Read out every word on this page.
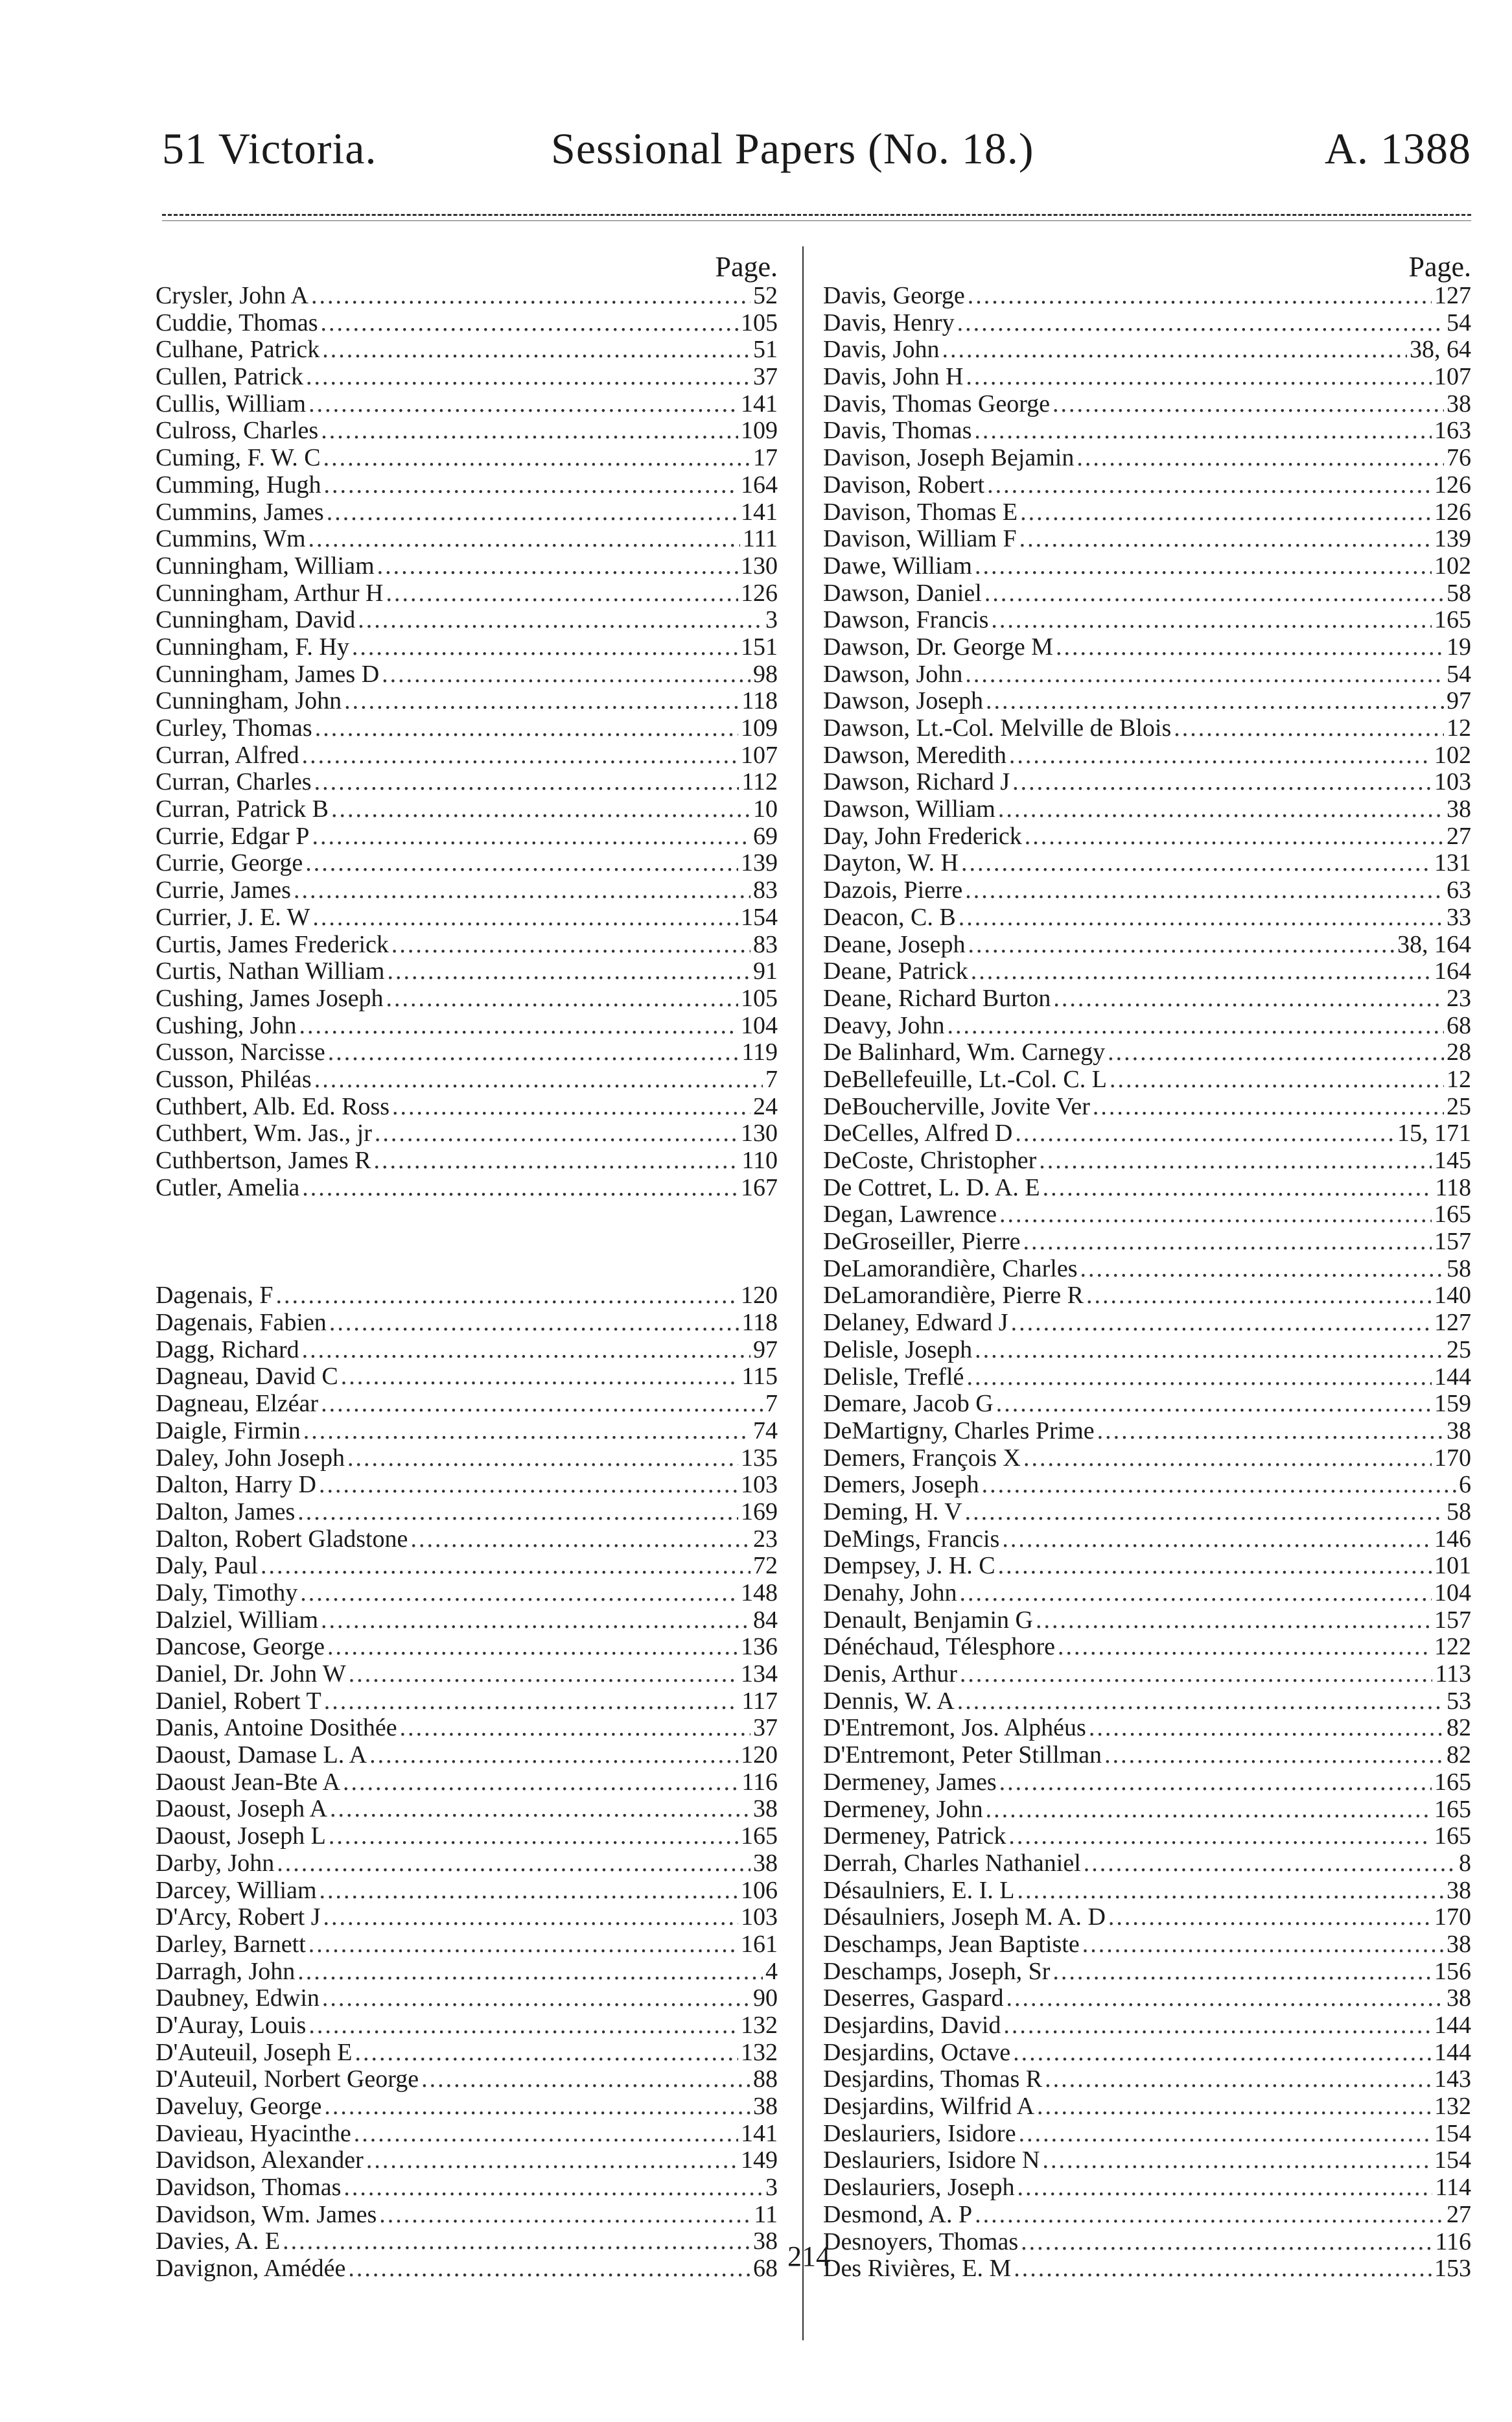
51 Victoria.	Sessional Papers (No. 18.)	A. 1388
Page.
Crysler, John A .....	52
Cuddie, Thomas .....	105
Culhane, Patrick .....	51
Cullen, Patrick .....	37
Cullis, William .....	141
Culross, Charles .....	109
Cuming, F. W. C .....	17
Cumming, Hugh .....	164
Cummins, James .....	141
Cummins, Wm .....	111
Cunningham, William .....	130
Cunningham, Arthur H .....	126
Cunningham, David .....	3
Cunningham, F. Hy .....	151
Cunningham, James D .....	98
Cunningham, John .....	118
Curley, Thomas .....	109
Curran, Alfred .....	107
Curran, Charles .....	112
Curran, Patrick B .....	10
Currie, Edgar P .....	69
Currie, George .....	139
Currie, James .....	83
Currier, J. E. W .....	154
Curtis, James Frederick .....	83
Curtis, Nathan William .....	91
Cushing, James Joseph .....	105
Cushing, John .....	104
Cusson, Narcisse .....	119
Cusson, Philéas .....	7
Cuthbert, Alb. Ed. Ross .....	24
Cuthbert, Wm. Jas., jr .....	130
Cuthbertson, James R .....	110
Cutler, Amelia .....	167
Dagenais, F .....	120
Dagenais, Fabien .....	118
Dagg, Richard .....	97
Dagneau, David C .....	115
Dagneau, Elzéar .....	7
Daigle, Firmin .....	74
Daley, John Joseph .....	135
Dalton, Harry D .....	103
Dalton, James .....	169
Dalton, Robert Gladstone .....	23
Daly, Paul .....	72
Daly, Timothy .....	148
Dalziel, William .....	84
Dancose, George .....	136
Daniel, Dr. John W .....	134
Daniel, Robert T .....	117
Danis, Antoine Dosithée .....	37
Daoust, Damase L. A .....	120
Daoust Jean-Bte A .....	116
Daoust, Joseph A .....	38
Daoust, Joseph L .....	165
Darby, John .....	38
Darcey, William .....	106
D'Arcy, Robert J .....	103
Darley, Barnett .....	161
Darragh, John .....	4
Daubney, Edwin .....	90
D'Auray, Louis .....	132
D'Auteuil, Joseph E .....	132
D'Auteuil, Norbert George .....	88
Daveluy, George .....	38
Davieau, Hyacinthe .....	141
Davidson, Alexander .....	149
Davidson, Thomas .....	3
Davidson, Wm. James .....	11
Davies, A. E .....	38
Davignon, Amédée .....	68
Page.
Davis, George .....	127
Davis, Henry .....	54
Davis, John .....	38, 64
Davis, John H .....	107
Davis, Thomas George .....	38
Davis, Thomas .....	163
Davison, Joseph Bejamin .....	76
Davison, Robert .....	126
Davison, Thomas E .....	126
Davison, William F .....	139
Dawe, William .....	102
Dawson, Daniel .....	58
Dawson, Francis .....	165
Dawson, Dr. George M .....	19
Dawson, John .....	54
Dawson, Joseph .....	97
Dawson, Lt.-Col. Melville de Blois .....	12
Dawson, Meredith .....	102
Dawson, Richard J .....	103
Dawson, William .....	38
Day, John Frederick .....	27
Dayton, W. H .....	131
Dazois, Pierre .....	63
Deacon, C. B .....	33
Deane, Joseph .....	38, 164
Deane, Patrick .....	164
Deane, Richard Burton .....	23
Deavy, John .....	68
De Balinhard, Wm. Carnegy .....	28
DeBellefeuille, Lt.-Col. C. L .....	12
DeBoucherville, Jovite Ver .....	25
DeCelles, Alfred D .....	15, 171
DeCoste, Christopher .....	145
De Cottret, L. D. A. E .....	118
Degan, Lawrence .....	165
DeGroseiller, Pierre .....	157
DeLamorandière, Charles .....	58
DeLamorandière, Pierre R .....	140
Delaney, Edward J .....	127
Delisle, Joseph .....	25
Delisle, Treflé .....	144
Demare, Jacob G .....	159
DeMartigny, Charles Prime .....	38
Demers, François X .....	170
Demers, Joseph .....	6
Deming, H. V .....	58
DeMings, Francis .....	146
Dempsey, J. H. C .....	101
Denahy, John .....	104
Denault, Benjamin G .....	157
Dénéchaud, Télesphore .....	122
Denis, Arthur .....	113
Dennis, W. A .....	53
D'Entremont, Jos. Alphéus .....	82
D'Entremont, Peter Stillman .....	82
Dermeney, James .....	165
Dermeney, John .....	165
Dermeney, Patrick .....	165
Derrah, Charles Nathaniel .....	8
Désaulniers, E. I. L .....	38
Désaulniers, Joseph M. A. D .....	170
Deschamps, Jean Baptiste .....	38
Deschamps, Joseph, Sr .....	156
Deserres, Gaspard .....	38
Desjardins, David .....	144
Desjardins, Octave .....	144
Desjardins, Thomas R .....	143
Desjardins, Wilfrid A .....	132
Deslauriers, Isidore .....	154
Deslauriers, Isidore N .....	154
Deslauriers, Joseph .....	114
Desmond, A. P .....	27
Desnoyers, Thomas .....	116
Des Rivières, E. M .....	153
214
